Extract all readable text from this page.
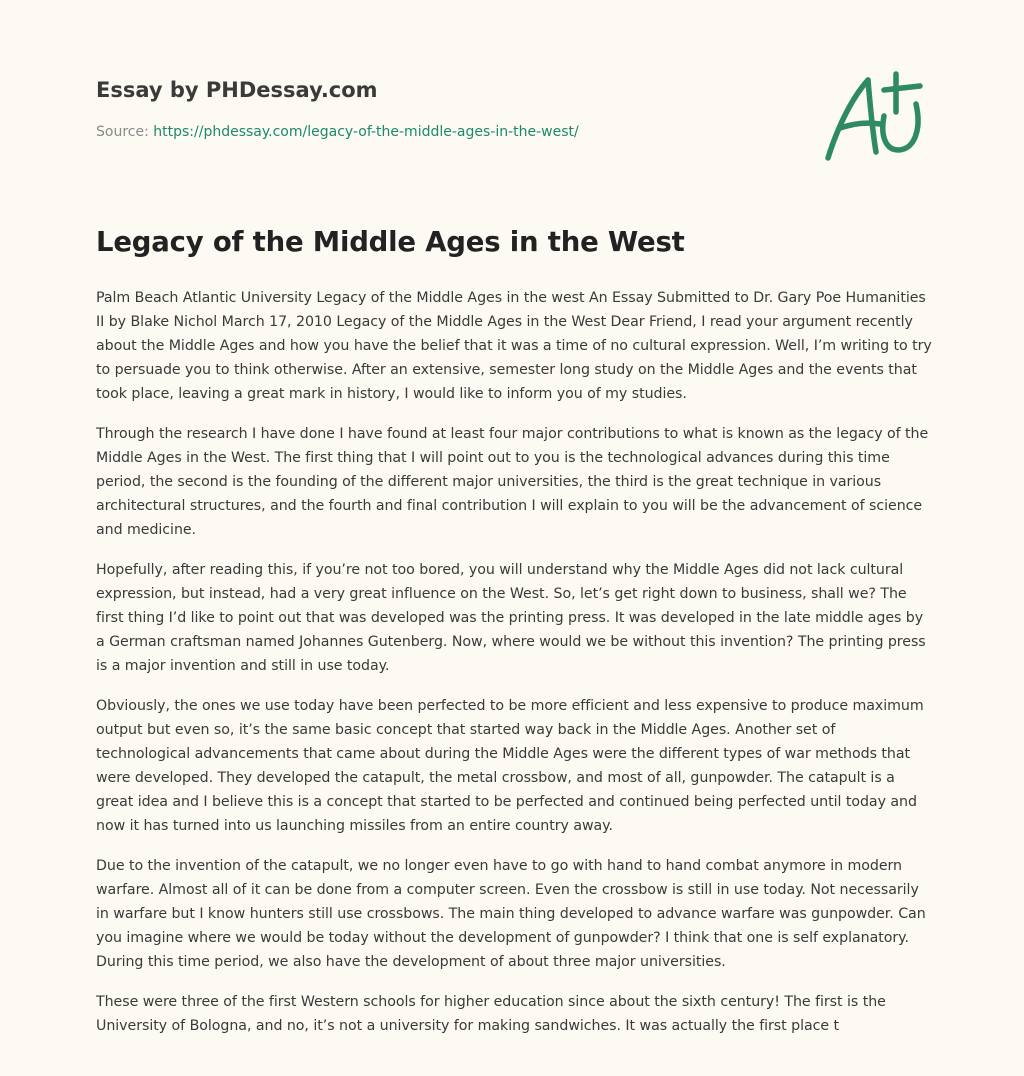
Essay by PHDessay.com
Source: https://phdessay.com/legacy-of-the-middle-ages-in-the-west/
Legacy of the Middle Ages in the West

Palm Beach Atlantic University Legacy of the Middle Ages in the west An Essay Submitted to Dr. Gary Poe Humanities II by Blake Nichol March 17, 2010 Legacy of the Middle Ages in the West Dear Friend, I read your argument recently about the Middle Ages and how you have the belief that it was a time of no cultural expression. Well, I’m writing to try to persuade you to think otherwise. After an extensive, semester long study on the Middle Ages and the events that took place, leaving a great mark in history, I would like to inform you of my studies.

Through the research I have done I have found at least four major contributions to what is known as the legacy of the Middle Ages in the West. The first thing that I will point out to you is the technological advances during this time period, the second is the founding of the different major universities, the third is the great technique in various architectural structures, and the fourth and final contribution I will explain to you will be the advancement of science and medicine.

Hopefully, after reading this, if you’re not too bored, you will understand why the Middle Ages did not lack cultural expression, but instead, had a very great influence on the West. So, let’s get right down to business, shall we? The first thing I’d like to point out that was developed was the printing press. It was developed in the late middle ages by a German craftsman named Johannes Gutenberg. Now, where would we be without this invention? The printing press is a major invention and still in use today.

Obviously, the ones we use today have been perfected to be more efficient and less expensive to produce maximum output but even so, it’s the same basic concept that started way back in the Middle Ages. Another set of technological advancements that came about during the Middle Ages were the different types of war methods that were developed. They developed the catapult, the metal crossbow, and most of all, gunpowder. The catapult is a great idea and I believe this is a concept that started to be perfected and continued being perfected until today and now it has turned into us launching missiles from an entire country away.

Due to the invention of the catapult, we no longer even have to go with hand to hand combat anymore in modern warfare. Almost all of it can be done from a computer screen. Even the crossbow is still in use today. Not necessarily in warfare but I know hunters still use crossbows. The main thing developed to advance warfare was gunpowder. Can you imagine where we would be today without the development of gunpowder? I think that one is self explanatory. During this time period, we also have the development of about three major universities.

These were three of the first Western schools for higher education since about the sixth century! The first is the University of Bologna, and no, it’s not a university for making sandwiches. It was actually the first place t
